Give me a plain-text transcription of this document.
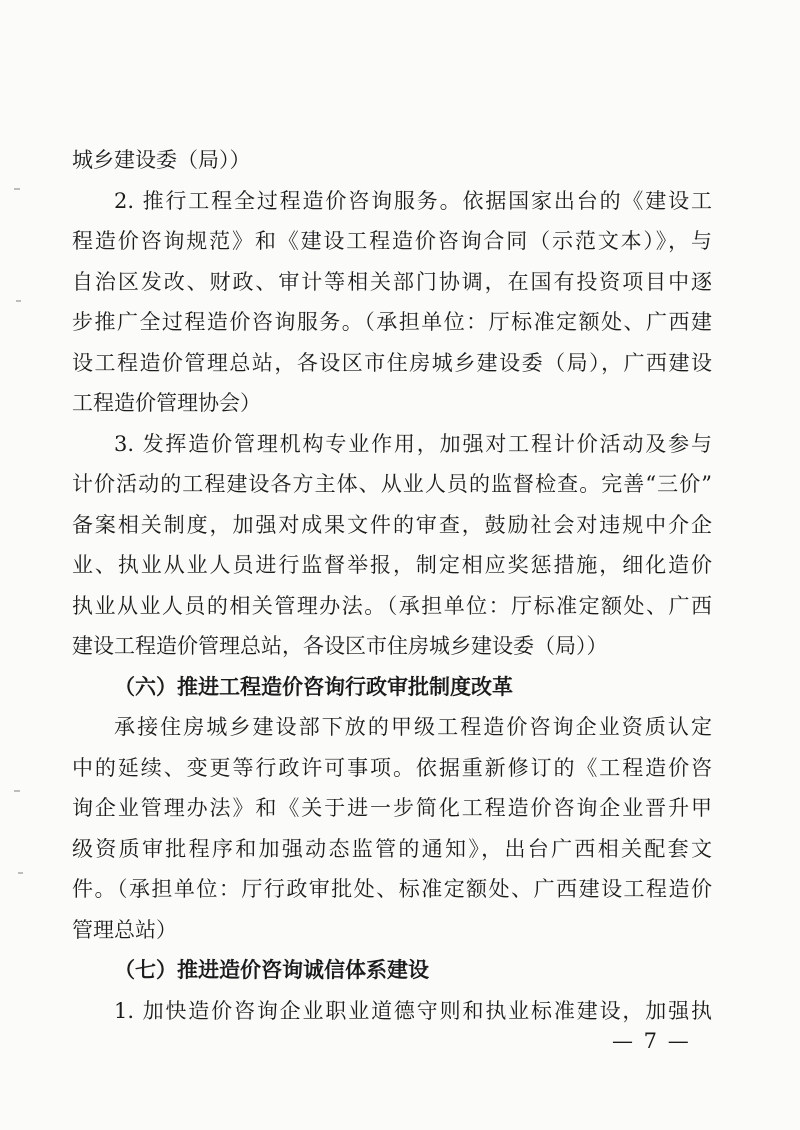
城乡建设委（局））
2. 推行工程全过程造价咨询服务。依据国家出台的《建设工
程造价咨询规范》和《建设工程造价咨询合同（示范文本）》，与
自治区发改、财政、审计等相关部门协调，在国有投资项目中逐
步推广全过程造价咨询服务。（承担单位：厅标准定额处、广西建
设工程造价管理总站，各设区市住房城乡建设委（局），广西建设
工程造价管理协会）
3. 发挥造价管理机构专业作用，加强对工程计价活动及参与
计价活动的工程建设各方主体、从业人员的监督检查。完善“三价”
备案相关制度，加强对成果文件的审查，鼓励社会对违规中介企
业、执业从业人员进行监督举报，制定相应奖惩措施，细化造价
执业从业人员的相关管理办法。（承担单位：厅标准定额处、广西
建设工程造价管理总站，各设区市住房城乡建设委（局））
（六）推进工程造价咨询行政审批制度改革
承接住房城乡建设部下放的甲级工程造价咨询企业资质认定
中的延续、变更等行政许可事项。依据重新修订的《工程造价咨
询企业管理办法》和《关于进一步简化工程造价咨询企业晋升甲
级资质审批程序和加强动态监管的通知》，出台广西相关配套文
件。（承担单位：厅行政审批处、标准定额处、广西建设工程造价
管理总站）
（七）推进造价咨询诚信体系建设
1. 加快造价咨询企业职业道德守则和执业标准建设，加强执
— 7 —
